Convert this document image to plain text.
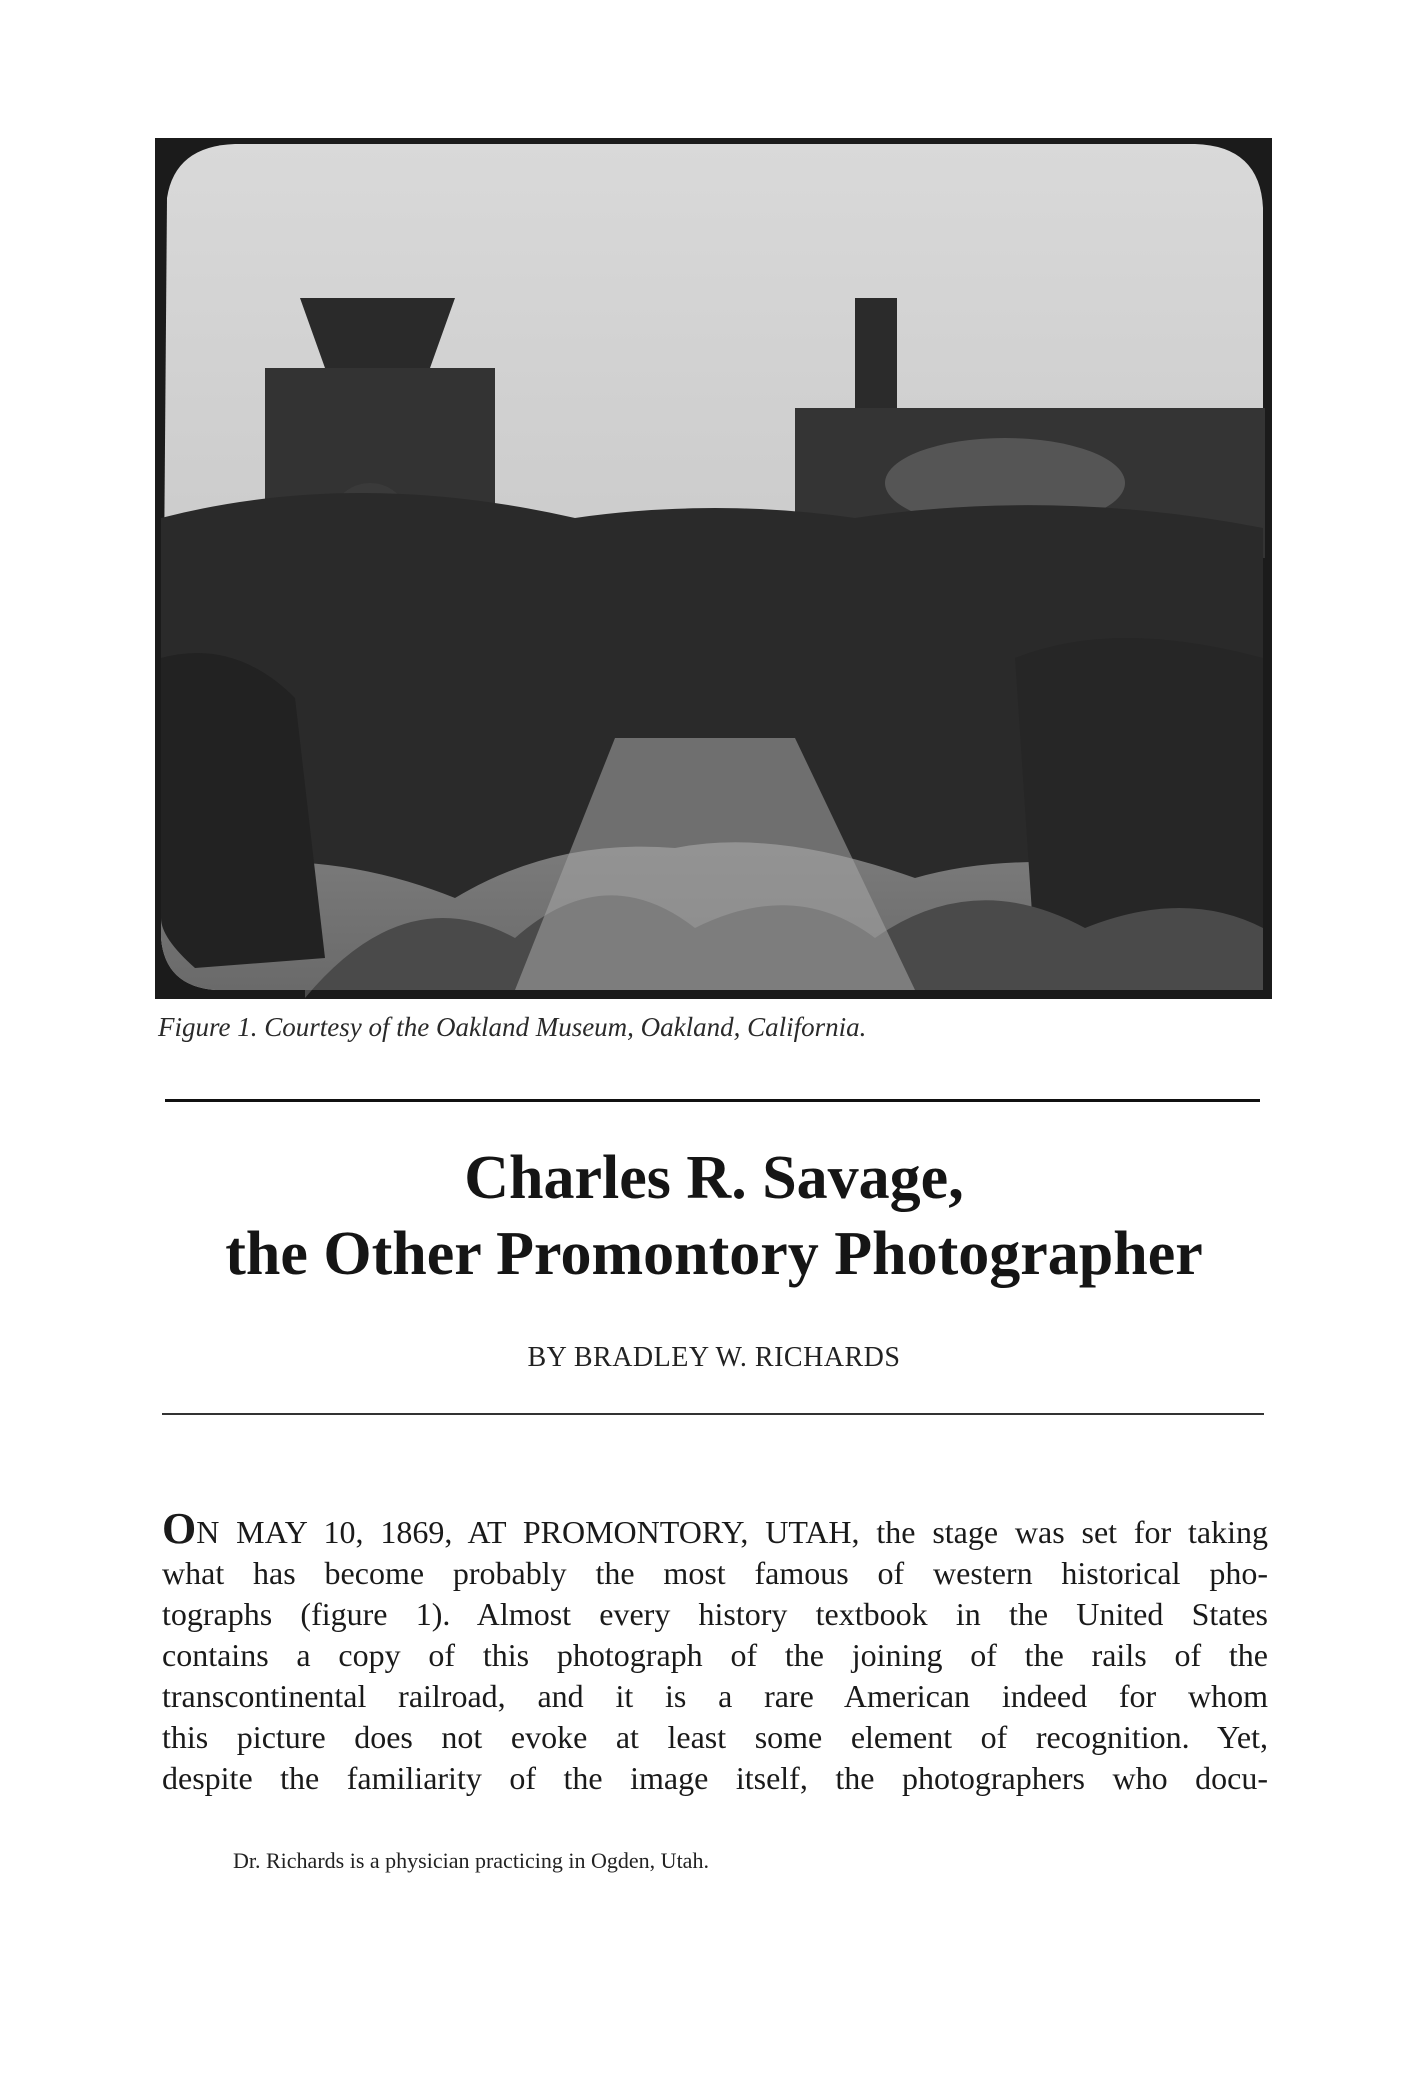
Figure 1. Courtesy of the Oakland Museum, Oakland, California.
Charles R. Savage,
the Other Promontory Photographer
BY BRADLEY W. RICHARDS
ON MAY 10, 1869, AT PROMONTORY, UTAH, the stage was set for taking
what has become probably the most famous of western historical pho-
tographs (figure 1). Almost every history textbook in the United States
contains a copy of this photograph of the joining of the rails of the
transcontinental railroad, and it is a rare American indeed for whom
this picture does not evoke at least some element of recognition. Yet,
despite the familiarity of the image itself, the photographers who docu-
Dr. Richards is a physician practicing in Ogden, Utah.
